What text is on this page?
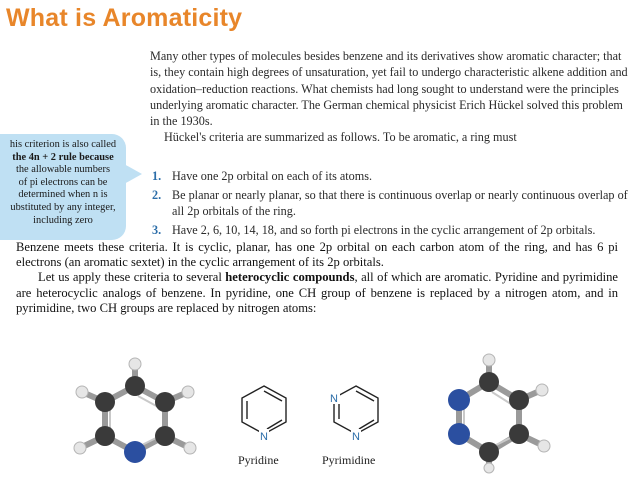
What is Aromaticity
Many other types of molecules besides benzene and its derivatives show aromatic character; that is, they contain high degrees of unsaturation, yet fail to undergo characteristic alkene addition and oxidation–reduction reactions. What chemists had long sought to understand were the principles underlying aromatic character. The German chemical physicist Erich Hückel solved this problem in the 1930s.
Hückel's criteria are summarized as follows. To be aromatic, a ring must
1. Have one 2p orbital on each of its atoms.
2. Be planar or nearly planar, so that there is continuous overlap or nearly continuous overlap of all 2p orbitals of the ring.
3. Have 2, 6, 10, 14, 18, and so forth pi electrons in the cyclic arrangement of 2p orbitals.
his criterion is also called
the 4n + 2 rule because
the allowable numbers
of pi electrons can be
determined when n is
ubstituted by any integer,
including zero
Benzene meets these criteria. It is cyclic, planar, has one 2p orbital on each carbon atom of the ring, and has 6 pi electrons (an aromatic sextet) in the cyclic arrangement of its 2p orbitals.
Let us apply these criteria to several heterocyclic compounds, all of which are aromatic. Pyridine and pyrimidine are heterocyclic analogs of benzene. In pyridine, one CH group of benzene is replaced by a nitrogen atom, and in pyrimidine, two CH groups are replaced by nitrogen atoms:
N
Pyridine
N
N
Pyrimidine
